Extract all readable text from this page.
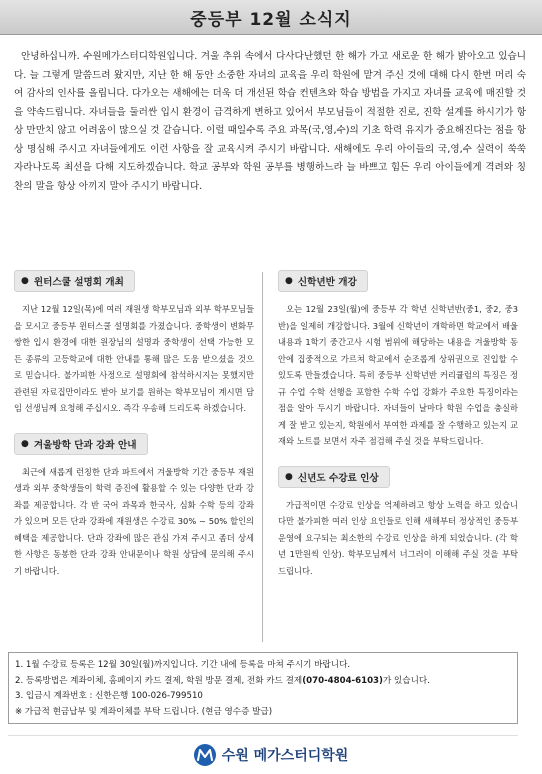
중등부 12월 소식지

안녕하십니까. 수원메가스터디학원입니다. 겨울 추위 속에서 다사다난했던 한 해가 가고 새로운 한 해가 밝아오고 있습니다. 늘 그렇게 말씀드려 왔지만, 지난 한 해 동안 소중한 자녀의 교육을 우리 학원에 맡겨 주신 것에 대해 다시 한번 머리 숙여 감사의 인사를 올립니다. 다가오는 새해에는 더욱 더 개선된 학습 컨텐츠와 학습 방법을 가지고 자녀를 교육에 매진할 것을 약속드립니다. 자녀들을 둘러싼 입시 환경이 급격하게 변하고 있어서 부모님들이 적절한 진로, 진학 설계를 하시기가 항상 만만치 않고 어려움이 많으실 것 같습니다. 이럴 때일수록 주요 과목(국,영,수)의 기초 학력 유지가 중요해진다는 점을 항상 명심해 주시고 자녀들에게도 이런 사항을 잘 교육시켜 주시기 바랍니다. 새해에도 우리 아이들의 국,영,수 실력이 쑥쑥 자라나도록 최선을 다해 지도하겠습니다. 학교 공부와 학원 공부를 병행하느라 늘 바쁘고 힘든 우리 아이들에게 격려와 칭찬의 말을 항상 아끼지 말아 주시기 바랍니다.

● 윈터스쿨 설명회 개최

지난 12월 12일(목)에 여러 재원생 학부모님과 외부 학부모님들을 모시고 중등부 윈터스쿨 설명회를 가졌습니다. 중학생이 변화무쌍한 입시 환경에 대한 원장님의 설명과 중학생이 선택 가능한 모든 종류의 고등학교에 대한 안내를 통해 많은 도움 받으셨을 것으로 믿습니다. 불가피한 사정으로 설명회에 참석하시지는 못했지만 관련된 자료집만이라도 받아 보기를 원하는 학부모님이 계시면 담임 선생님께 요청해 주십시오. 즉각 우송해 드리도록 하겠습니다.

● 겨울방학 단과 강좌 안내

최근에 새롭게 런칭한 단과 파트에서 겨울방학 기간 중등부 재원생과 외부 중학생들이 학력 증진에 활용할 수 있는 다양한 단과 강좌를 제공합니다. 각 반 국어 과목과 한국사, 심화 수학 등의 강좌가 있으며 모든 단과 강좌에 재원생은 수강료 30% ~ 50% 할인의 혜택을 제공합니다. 단과 강좌에 많은 관심 가져 주시고 좀더 상세한 사항은 동봉한 단과 강좌 안내문이나 학원 상담에 문의해 주시기 바랍니다.

● 신학년반 개강

오는 12월 23일(월)에 중등부 각 학년 신학년반(중1, 중2, 중3반)을 일제히 개강합니다. 3월에 신학년이 개학하면 학교에서 배울 내용과 1학기 중간고사 시험 범위에 해당하는 내용을 겨울방학 동안에 집중적으로 가르쳐 학교에서 순조롭게 상위권으로 진입할 수 있도록 만들겠습니다. 특히 중등부 신학년반 커리큘럼의 특징은 정규 수업 수학 선행을 포함한 수학 수업 강화가 주요한 특징이라는 점을 알아 두시기 바랍니다. 자녀들이 날마다 학원 수업을 충실하게 잘 받고 있는지, 학원에서 부여한 과제를 잘 수행하고 있는지 교재와 노트를 보면서 자주 점검해 주실 것을 부탁드립니다.

● 신년도 수강료 인상

가급적이면 수강료 인상을 억제하려고 항상 노력을 하고 있습니다만 불가피한 여러 인상 요인들로 인해 새해부터 정상적인 중등부 운영에 요구되는 최소한의 수강료 인상을 하게 되었습니다. (각 학년 1만원씩 인상). 학부모님께서 너그러이 이해해 주실 것을 부탁드립니다.

1. 1월 수강료 등록은 12월 30일(월)까지입니다. 기간 내에 등록을 마쳐 주시기 바랍니다.
2. 등록방법은 계좌이체, 홈페이지 카드 결제, 학원 방문 결제, 전화 카드 결제(070-4804-6103)가 있습니다.
3. 입금시 계좌번호 : 신한은행 100-026-799510
※ 가급적 현금납부 및 계좌이체를 부탁 드립니다. (현금 영수증 발급)
수원 메가스터디학원
